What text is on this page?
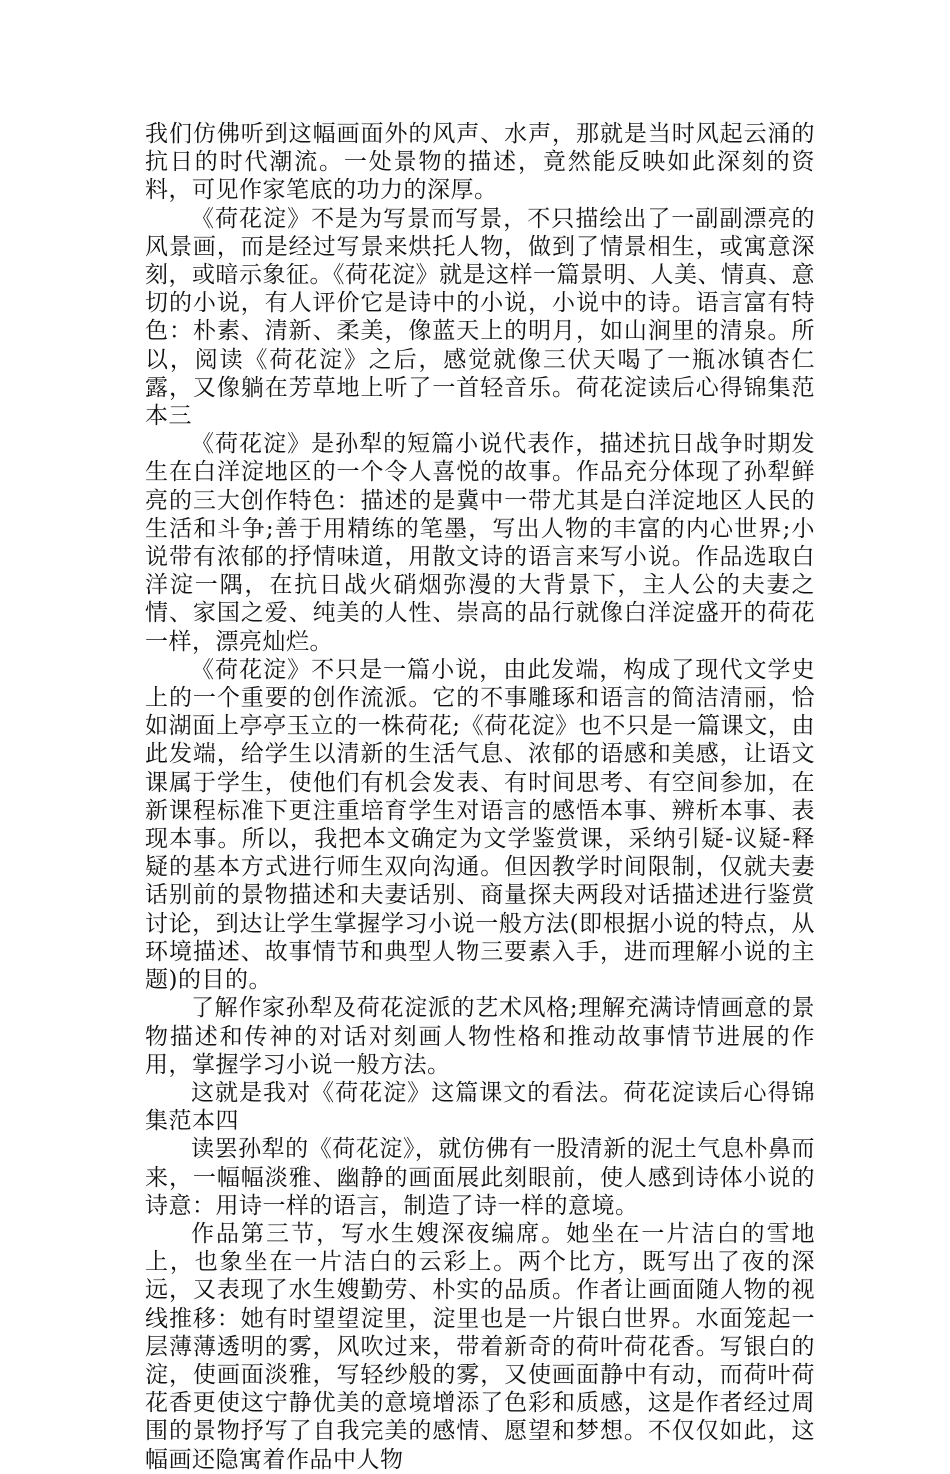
我们仿佛听到这幅画面外的风声、水声，那就是当时风起云涌的抗日的时代潮流。一处景物的描述，竟然能反映如此深刻的资料，可见作家笔底的功力的深厚。

《荷花淀》不是为写景而写景，不只描绘出了一副副漂亮的风景画，而是经过写景来烘托人物，做到了情景相生，或寓意深刻，或暗示象征。《荷花淀》就是这样一篇景明、人美、情真、意切的小说，有人评价它是诗中的小说，小说中的诗。语言富有特色：朴素、清新、柔美，像蓝天上的明月，如山涧里的清泉。所以，阅读《荷花淀》之后，感觉就像三伏天喝了一瓶冰镇杏仁露，又像躺在芳草地上听了一首轻音乐。荷花淀读后心得锦集范本三

《荷花淀》是孙犁的短篇小说代表作，描述抗日战争时期发生在白洋淀地区的一个令人喜悦的故事。作品充分体现了孙犁鲜亮的三大创作特色：描述的是冀中一带尤其是白洋淀地区人民的生活和斗争;善于用精练的笔墨，写出人物的丰富的内心世界;小说带有浓郁的抒情味道，用散文诗的语言来写小说。作品选取白洋淀一隅，在抗日战火硝烟弥漫的大背景下，主人公的夫妻之情、家国之爱、纯美的人性、崇高的品行就像白洋淀盛开的荷花一样，漂亮灿烂。

《荷花淀》不只是一篇小说，由此发端，构成了现代文学史上的一个重要的创作流派。它的不事雕琢和语言的简洁清丽，恰如湖面上亭亭玉立的一株荷花;《荷花淀》也不只是一篇课文，由此发端，给学生以清新的生活气息、浓郁的语感和美感，让语文课属于学生，使他们有机会发表、有时间思考、有空间参加，在新课程标准下更注重培育学生对语言的感悟本事、辨析本事、表现本事。所以，我把本文确定为文学鉴赏课，采纳引疑-议疑-释疑的基本方式进行师生双向沟通。但因教学时间限制，仅就夫妻话别前的景物描述和夫妻话别、商量探夫两段对话描述进行鉴赏讨论，到达让学生掌握学习小说一般方法(即根据小说的特点，从环境描述、故事情节和典型人物三要素入手，进而理解小说的主题)的目的。

了解作家孙犁及荷花淀派的艺术风格;理解充满诗情画意的景物描述和传神的对话对刻画人物性格和推动故事情节进展的作用，掌握学习小说一般方法。

这就是我对《荷花淀》这篇课文的看法。荷花淀读后心得锦集范本四

读罢孙犁的《荷花淀》，就仿佛有一股清新的泥土气息朴鼻而来，一幅幅淡雅、幽静的画面展此刻眼前，使人感到诗体小说的诗意：用诗一样的语言，制造了诗一样的意境。

作品第三节，写水生嫂深夜编席。她坐在一片洁白的雪地上，也象坐在一片洁白的云彩上。两个比方，既写出了夜的深远，又表现了水生嫂勤劳、朴实的品质。作者让画面随人物的视线推移：她有时望望淀里，淀里也是一片银白世界。水面笼起一层薄薄透明的雾，风吹过来，带着新奇的荷叶荷花香。写银白的淀，使画面淡雅，写轻纱般的雾，又使画面静中有动，而荷叶荷花香更使这宁静优美的意境增添了色彩和质感，这是作者经过周围的景物抒写了自我完美的感情、愿望和梦想。不仅仅如此，这幅画还隐寓着作品中人物
